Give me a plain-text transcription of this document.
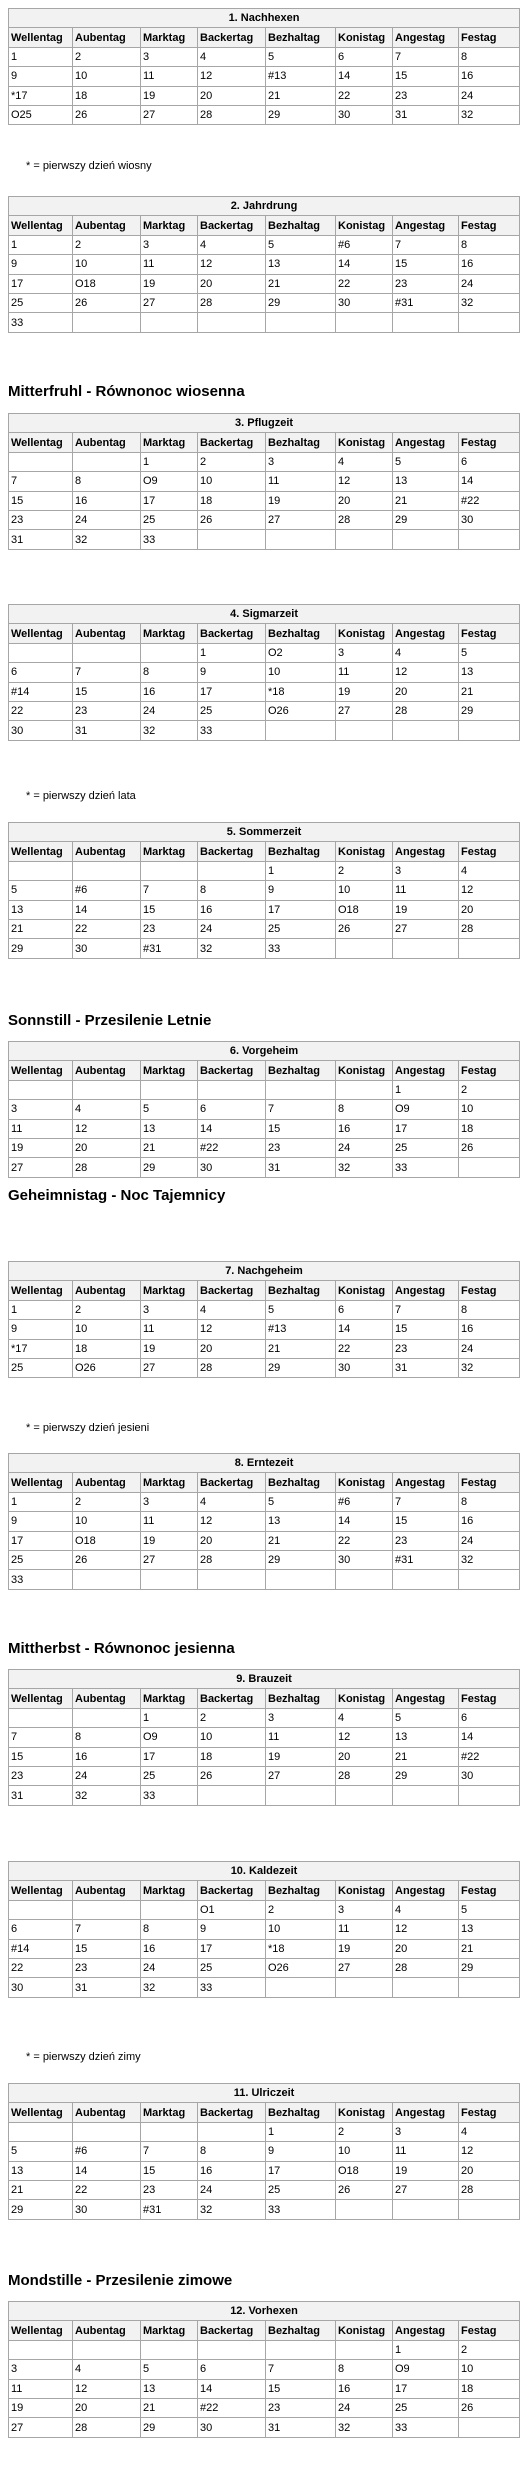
* = pierwszy dzień wiosny
Mitterfruhl - Równonoc wiosenna
* = pierwszy dzień lata
Sonnstill - Przesilenie Letnie
Geheimnistag - Noc Tajemnicy
* = pierwszy dzień jesieni
Mittherbst - Równonoc jesienna
* = pierwszy dzień zimy
Mondstille - Przesilenie zimowe
1. Nachhexen							
Wellentag	Aubentag	Marktag	Backertag	Bezhaltag	Konistag	Angestag	Festag
1	2	3	4	5	6	7	8
9	10	11	12	#13	14	15	16
*17	18	19	20	21	22	23	24
O25	26	27	28	29	30	31	32
2. Jahrdrung							
Wellentag	Aubentag	Marktag	Backertag	Bezhaltag	Konistag	Angestag	Festag
1	2	3	4	5	#6	7	8
9	10	11	12	13	14	15	16
17	O18	19	20	21	22	23	24
25	26	27	28	29	30	#31	32
33							
3. Pflugzeit							
Wellentag	Aubentag	Marktag	Backertag	Bezhaltag	Konistag	Angestag	Festag
		1	2	3	4	5	6
7	8	O9	10	11	12	13	14
15	16	17	18	19	20	21	#22
23	24	25	26	27	28	29	30
31	32	33					
4. Sigmarzeit							
Wellentag	Aubentag	Marktag	Backertag	Bezhaltag	Konistag	Angestag	Festag
			1	O2	3	4	5
6	7	8	9	10	11	12	13
#14	15	16	17	*18	19	20	21
22	23	24	25	O26	27	28	29
30	31	32	33				
5. Sommerzeit							
Wellentag	Aubentag	Marktag	Backertag	Bezhaltag	Konistag	Angestag	Festag
				1	2	3	4
5	#6	7	8	9	10	11	12
13	14	15	16	17	O18	19	20
21	22	23	24	25	26	27	28
29	30	#31	32	33			
6. Vorgeheim							
Wellentag	Aubentag	Marktag	Backertag	Bezhaltag	Konistag	Angestag	Festag
						1	2
3	4	5	6	7	8	O9	10
11	12	13	14	15	16	17	18
19	20	21	#22	23	24	25	26
27	28	29	30	31	32	33	
7. Nachgeheim							
Wellentag	Aubentag	Marktag	Backertag	Bezhaltag	Konistag	Angestag	Festag
1	2	3	4	5	6	7	8
9	10	11	12	#13	14	15	16
*17	18	19	20	21	22	23	24
25	O26	27	28	29	30	31	32
8. Erntezeit							
Wellentag	Aubentag	Marktag	Backertag	Bezhaltag	Konistag	Angestag	Festag
1	2	3	4	5	#6	7	8
9	10	11	12	13	14	15	16
17	O18	19	20	21	22	23	24
25	26	27	28	29	30	#31	32
33							
9. Brauzeit							
Wellentag	Aubentag	Marktag	Backertag	Bezhaltag	Konistag	Angestag	Festag
		1	2	3	4	5	6
7	8	O9	10	11	12	13	14
15	16	17	18	19	20	21	#22
23	24	25	26	27	28	29	30
31	32	33					
10. Kaldezeit							
Wellentag	Aubentag	Marktag	Backertag	Bezhaltag	Konistag	Angestag	Festag
			O1	2	3	4	5
6	7	8	9	10	11	12	13
#14	15	16	17	*18	19	20	21
22	23	24	25	O26	27	28	29
30	31	32	33				
11. Ulriczeit							
Wellentag	Aubentag	Marktag	Backertag	Bezhaltag	Konistag	Angestag	Festag
				1	2	3	4
5	#6	7	8	9	10	11	12
13	14	15	16	17	O18	19	20
21	22	23	24	25	26	27	28
29	30	#31	32	33			
12. Vorhexen							
Wellentag	Aubentag	Marktag	Backertag	Bezhaltag	Konistag	Angestag	Festag
						1	2
3	4	5	6	7	8	O9	10
11	12	13	14	15	16	17	18
19	20	21	#22	23	24	25	26
27	28	29	30	31	32	33	
